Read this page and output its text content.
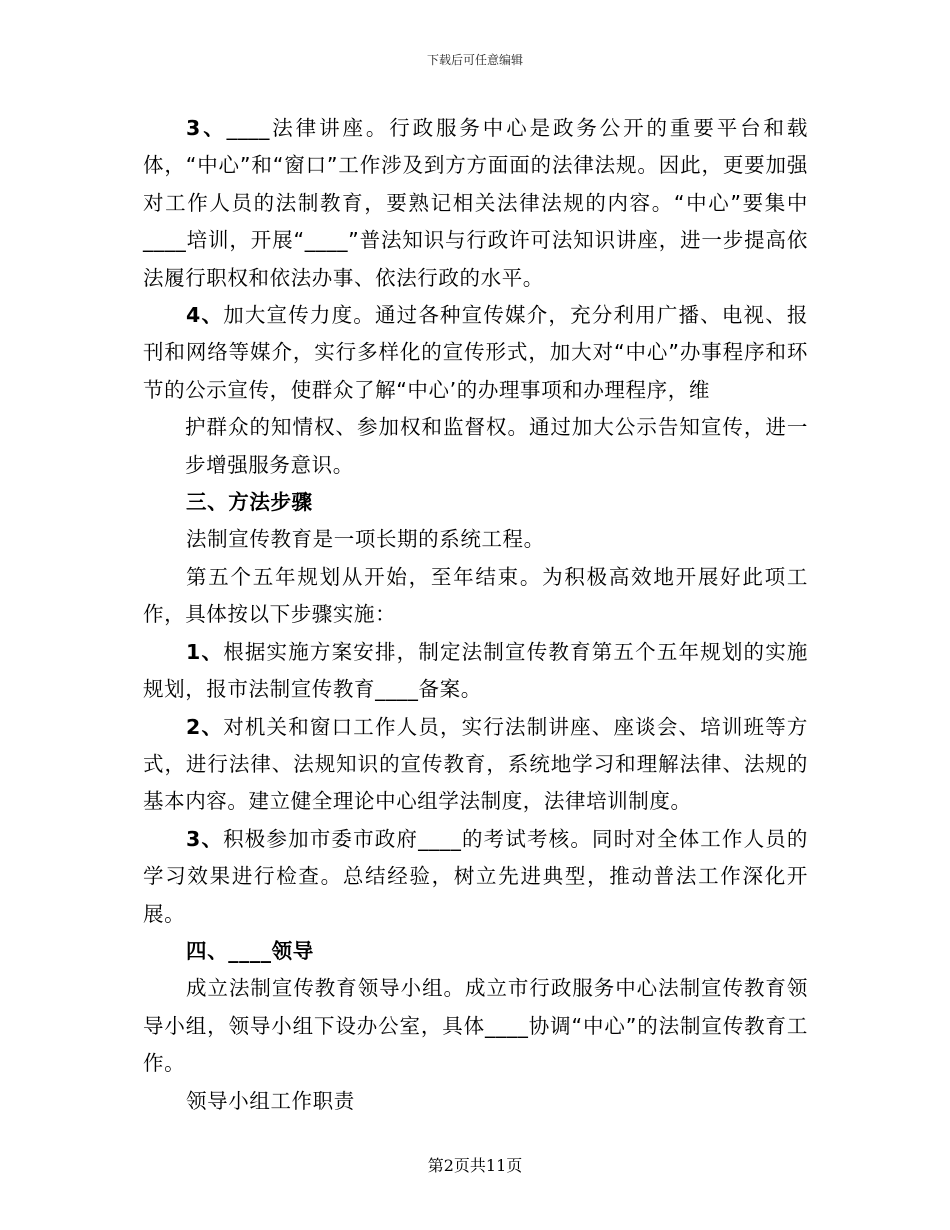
下载后可任意编辑

3、____法律讲座。行政服务中心是政务公开的重要平台和载体，“中心”和“窗口”工作涉及到方方面面的法律法规。因此，更要加强对工作人员的法制教育，要熟记相关法律法规的内容。“中心”要集中____培训，开展“____”普法知识与行政许可法知识讲座，进一步提高依法履行职权和依法办事、依法行政的水平。

4、加大宣传力度。通过各种宣传媒介，充分利用广播、电视、报刊和网络等媒介，实行多样化的宣传形式，加大对“中心”办事程序和环节的公示宣传，使群众了解“中心’的办理事项和办理程序，维

护群众的知情权、参加权和监督权。通过加大公示告知宣传，进一步增强服务意识。

三、方法步骤

法制宣传教育是一项长期的系统工程。

第五个五年规划从开始，至年结束。为积极高效地开展好此项工作，具体按以下步骤实施：

1、根据实施方案安排，制定法制宣传教育第五个五年规划的实施规划，报市法制宣传教育____备案。

2、对机关和窗口工作人员，实行法制讲座、座谈会、培训班等方式，进行法律、法规知识的宣传教育，系统地学习和理解法律、法规的基本内容。建立健全理论中心组学法制度，法律培训制度。

3、积极参加市委市政府____的考试考核。同时对全体工作人员的学习效果进行检查。总结经验，树立先进典型，推动普法工作深化开展。

四、____领导

成立法制宣传教育领导小组。成立市行政服务中心法制宣传教育领导小组，领导小组下设办公室，具体____协调“中心”的法制宣传教育工作。

领导小组工作职责

第2页共11页
